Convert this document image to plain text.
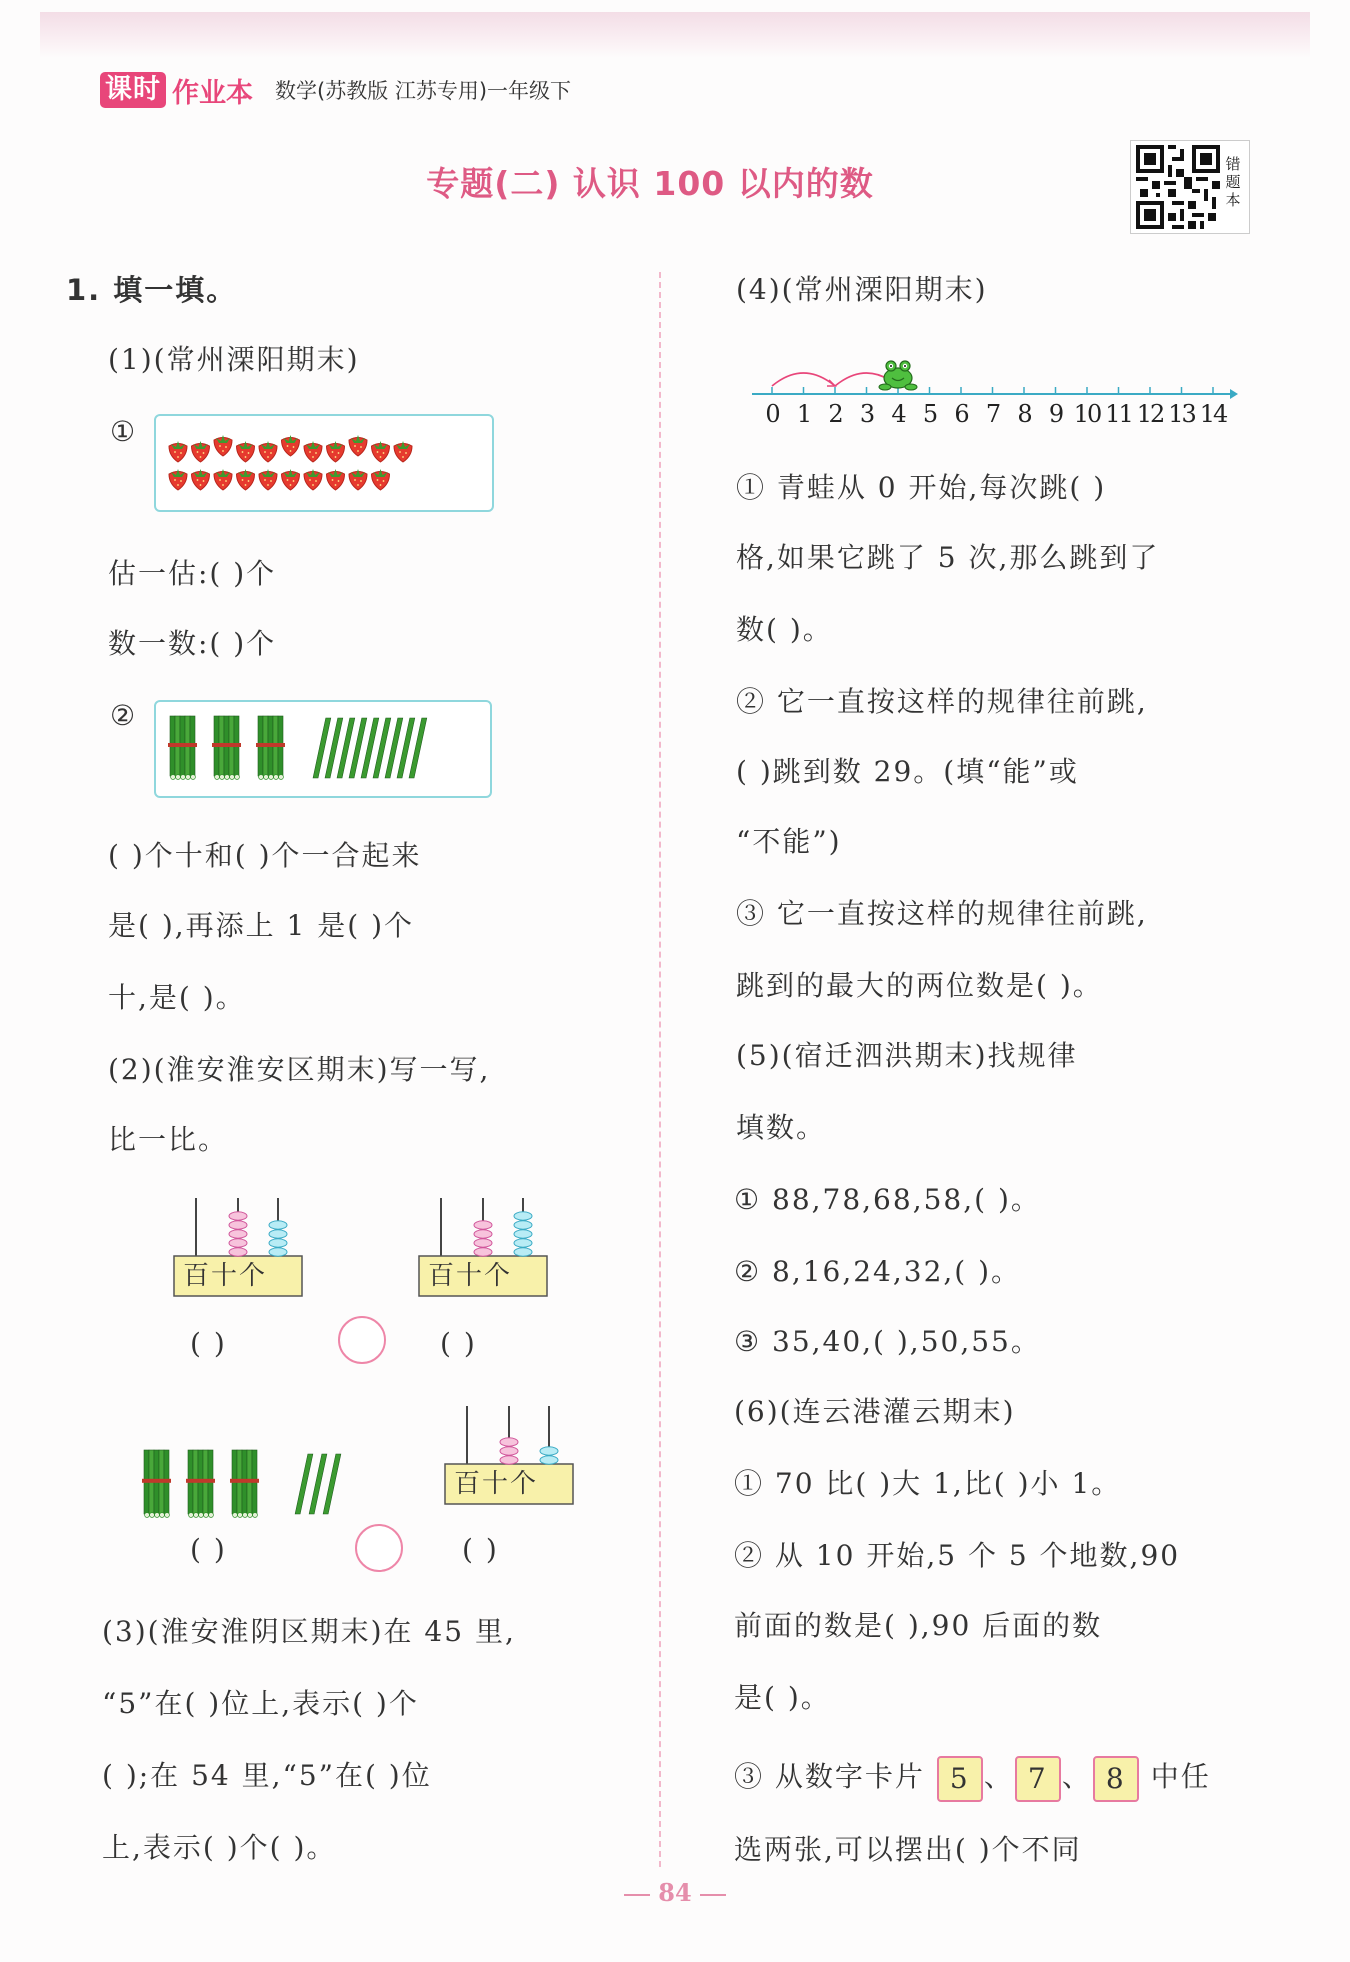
课时 作业本 数学(苏教版 江苏专用)一年级下
专题(二) 认识 100 以内的数	错题本
1. 填一填。
(1)(常州溧阳期末)
①
估一估:( )个
数一数:( )个
②
( )个十和( )个一合起来
是( ),再添上 1 是( )个
十,是( )。
(2)(淮安淮安区期末)写一写,
比一比。
百十个
( )
百十个
( )
( )
百十个
( )
(3)(淮安淮阴区期末)在 45 里,
“5”在( )位上,表示( )个
( );在 54 里,“5”在( )位
上,表示( )个( )。
(4)(常州溧阳期末)
0 1 2 3 4 5 6 7 8 9 10 11 12 13 14
① 青蛙从 0 开始,每次跳( )
格,如果它跳了 5 次,那么跳到了
数( )。
② 它一直按这样的规律往前跳,
( )跳到数 29。(填“能”或
“不能”)
③ 它一直按这样的规律往前跳,
跳到的最大的两位数是( )。
(5)(宿迁泗洪期末)找规律
填数。
① 88,78,68,58,( )。
② 8,16,24,32,( )。
③ 35,40,( ),50,55。
(6)(连云港灌云期末)
① 70 比( )大 1,比( )小 1。
② 从 10 开始,5 个 5 个地数,90
前面的数是( ),90 后面的数
是( )。
③ 从数字卡片 5 、 7 、 8 中任
选两张,可以摆出( )个不同
84
